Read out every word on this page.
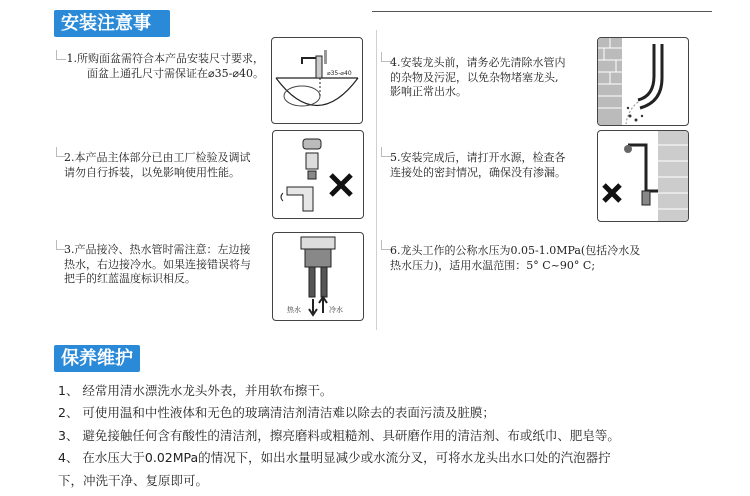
安装注意事项
1.所购面盆需符合本产品安装尺寸要求，
面盆上通孔尺寸需保证在⌀35-⌀40。	⌀35-⌀40
2.本产品主体部分已由工厂检验及调试
请勿自行拆装，以免影响使用性能。
3.产品接冷、热水管时需注意：左边接
热水，右边接冷水。如果连接错误将与
把手的红蓝温度标识相反。
热水	冷水
4.安装龙头前，请务必先清除水管内
的杂物及污泥，以免杂物堵塞龙头,
影响正常出水。
5.安装完成后，请打开水源，检查各
连接处的密封情况，确保没有渗漏。
6.龙头工作的公称水压为0.05-1.0MPa(包括冷水及
热水压力)，适用水温范围：5° C~90° C;
保养维护
1、 经常用清水漂洗水龙头外表，并用软布擦干。
2、 可使用温和中性液体和无色的玻璃清洁剂清洁难以除去的表面污渍及脏膜；
3、 避免接触任何含有酸性的清洁剂，擦亮磨料或粗糙剂、具研磨作用的清洁剂、布或纸巾、肥皂等。
4、 在水压大于0.02MPa的情况下，如出水量明显减少或水流分叉，可将水龙头出水口处的汽泡器拧
下，冲洗干净、复原即可。
